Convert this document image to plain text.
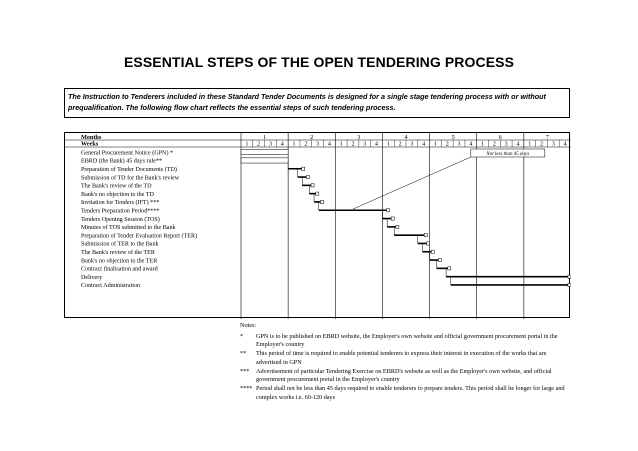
ESSENTIAL STEPS OF THE OPEN TENDERING PROCESS
The Instruction to Tenderers included in these Standard Tender Documents is designed for a single stage tendering process with or without prequalification. The following flow chart reflects the essential steps of such tendering process.
Months
Weeks
1
1 2 3 4
2
1 2 3 4
3
1 2 3 4
4
1 2 3 4
5
1 2 3 4
6
1 2 3 4
7
1 2 3 4
General Procurement Notice (GPN) *
EBRD (the Bank) 45 days rule**
Preparation of Tender Documents (TD)
Submission of TD for the Bank's review
The Bank's review of the TD
Bank's no objection to the TD
Invitation for Tenders (IFT) ***
Tenders Preparation Period****
Tenders Opening Session (TOS)
Minutes of TOS submitted to the Bank
Preparation of Tender Evaluation Report (TER)
Submission of TER to the Bank
The Bank's review of the TER
Bank's no objection to the TER
Contract finalisation and award
Delivery
Contract Administration
Not less than 45 days
Notes:
*	GPN is to be published on EBRD website, the Employer's own website and official government procurement portal in the Employer's country
**	This period of time is required to enable potential tenderers to express their interest in execution of the works that are advertised in GPN
***	Advertisement of particular Tendering Exercise on EBRD's website as well as the Employer's own website, and official government procurement portal in the Employer's country
**** Period shall not be less than 45 days required to enable tenderers to prepare tenders. This period shall be longer for large and complex works i.e. 60-120 days
